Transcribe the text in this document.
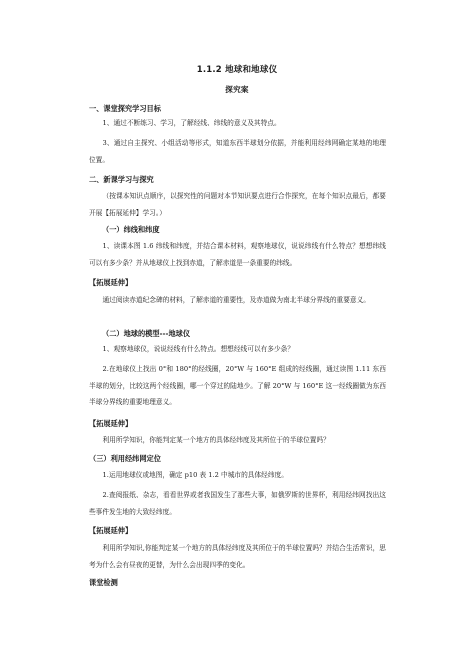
1.1.2 地球和地球仪
探究案
一、课堂探究学习目标
1、通过不断练习、学习，了解经线、纬线的意义及其特点。
3、通过自主探究、小组活动等形式，知道东西半球划分依据，并能利用经纬网确定某地的地理位置。
二、新课学习与探究
（按课本知识点顺序，以探究性的问题对本节知识要点进行合作探究，在每个知识点最后，都要开展【拓展延伸】学习。）
（一）纬线和纬度
1、读课本图 1.6 纬线和纬度，并结合课本材料，观察地球仪，说说纬线有什么特点？想想纬线可以有多少条？并从地球仪上找到赤道，了解赤道是一条重要的纬线。
【拓展延伸】
通过阅读赤道纪念碑的材料，了解赤道的重要性，及赤道做为南北半球分界线的重要意义。
（二）地球的模型---地球仪
1、观察地球仪，说说经线有什么特点。想想经线可以有多少条？
2.在地球仪上找出 0°和 180°的经线圈，20°W 与 160°E 组成的经线圈，通过读图 1.11 东西半球的划分，比较这两个经线圈，哪一个穿过的陆地少。了解 20°W 与 160°E 这一经线圈做为东西半球分界线的重要地理意义。
【拓展延伸】
利用所学知识，你能判定某一个地方的具体经纬度及其所位于的半球位置吗？
（三）利用经纬网定位
1.运用地球仪或地图，确定 p10 表 1.2 中城市的具体经纬度。
2.查阅报纸、杂志，看看世界或者我国发生了那些大事，如俄罗斯的世界杯，利用经纬网找出这些事件发生地的大致经纬度。
【拓展延伸】
利用所学知识,你能判定某一个地方的具体经纬度及其所位于的半球位置吗？并结合生活常识，思考为什么会有昼夜的更替，为什么会出现四季的变化。
课堂检测
